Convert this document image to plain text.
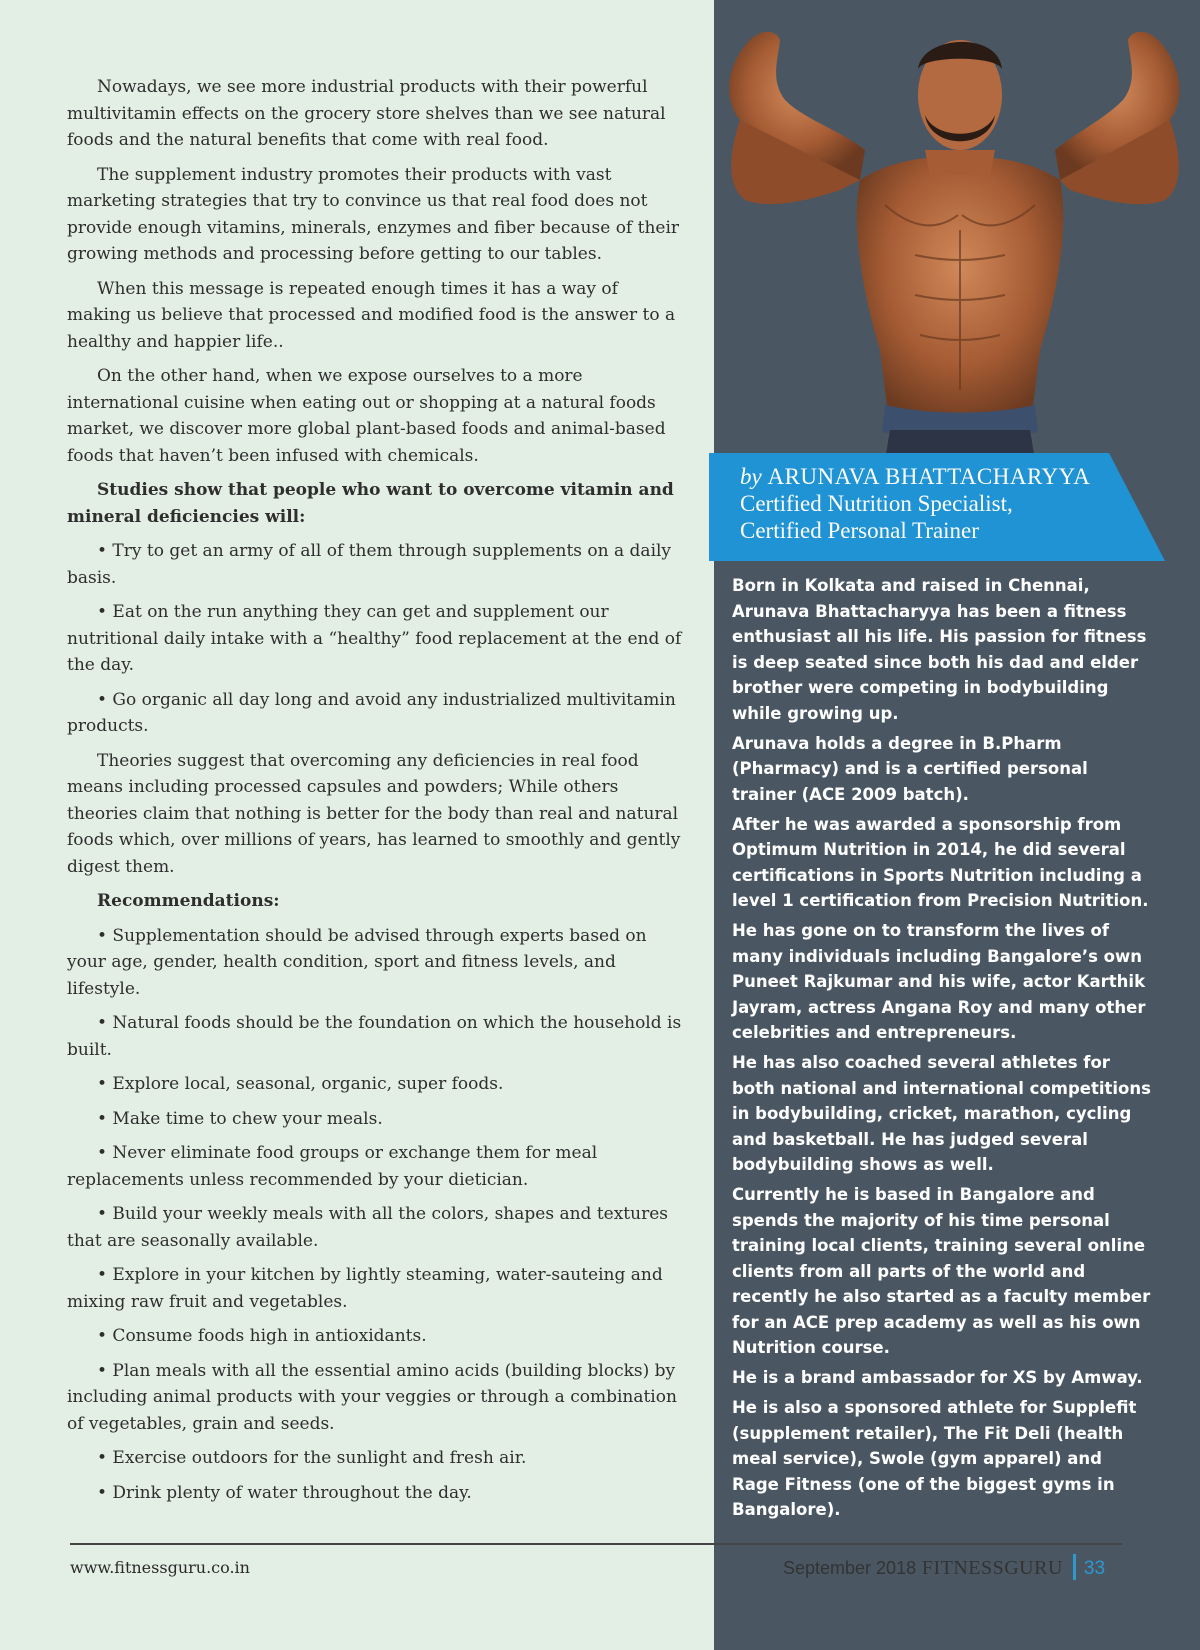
Nowadays, we see more industrial products with their powerful multivitamin effects on the grocery store shelves than we see natural foods and the natural benefits that come with real food.

The supplement industry promotes their products with vast marketing strategies that try to convince us that real food does not provide enough vitamins, minerals, enzymes and fiber because of their growing methods and processing before getting to our tables.

When this message is repeated enough times it has a way of making us believe that processed and modified food is the answer to a healthy and happier life..

On the other hand, when we expose ourselves to a more international cuisine when eating out or shopping at a natural foods market, we discover more global plant-based foods and animal-based foods that haven’t been infused with chemicals.

Studies show that people who want to overcome vitamin and mineral deficiencies will:

• Try to get an army of all of them through supplements on a daily basis.

• Eat on the run anything they can get and supplement our nutritional daily intake with a “healthy” food replacement at the end of the day.

• Go organic all day long and avoid any industrialized multivitamin products.

Theories suggest that overcoming any deficiencies in real food means including processed capsules and powders; While others theories claim that nothing is better for the body than real and natural foods which, over millions of years, has learned to smoothly and gently digest them.

Recommendations:

• Supplementation should be advised through experts based on your age, gender, health condition, sport and fitness levels, and lifestyle.

• Natural foods should be the foundation on which the household is built.

• Explore local, seasonal, organic, super foods.

• Make time to chew your meals.

• Never eliminate food groups or exchange them for meal replacements unless recommended by your dietician.

• Build your weekly meals with all the colors, shapes and textures that are seasonally available.

• Explore in your kitchen by lightly steaming, water-sauteing and mixing raw fruit and vegetables.

• Consume foods high in antioxidants.

• Plan meals with all the essential amino acids (building blocks) by including animal products with your veggies or through a combination of vegetables, grain and seeds.

• Exercise outdoors for the sunlight and fresh air.

• Drink plenty of water throughout the day.

by ARUNAVA BHATTACHARYYA
Certified Nutrition Specialist,
Certified Personal Trainer

Born in Kolkata and raised in Chennai, Arunava Bhattacharyya has been a fitness enthusiast all his life. His passion for fitness is deep seated since both his dad and elder brother were competing in bodybuilding while growing up.

Arunava holds a degree in B.Pharm (Pharmacy) and is a certified personal trainer (ACE 2009 batch).

After he was awarded a sponsorship from Optimum Nutrition in 2014, he did several certifications in Sports Nutrition including a level 1 certification from Precision Nutrition.

He has gone on to transform the lives of many individuals including Bangalore’s own Puneet Rajkumar and his wife, actor Karthik Jayram, actress Angana Roy and many other celebrities and entrepreneurs.

He has also coached several athletes for both national and international competitions in bodybuilding, cricket, marathon, cycling and basketball. He has judged several bodybuilding shows as well.

Currently he is based in Bangalore and spends the majority of his time personal training local clients, training several online clients from all parts of the world and recently he also started as a faculty member for an ACE prep academy as well as his own Nutrition course.

He is a brand ambassador for XS by Amway.

He is also a sponsored athlete for Supplefit (supplement retailer), The Fit Deli (health meal service), Swole (gym apparel) and Rage Fitness (one of the biggest gyms in Bangalore).

www.fitnessguru.co.in	September 2018 FITNESSGURU 33
